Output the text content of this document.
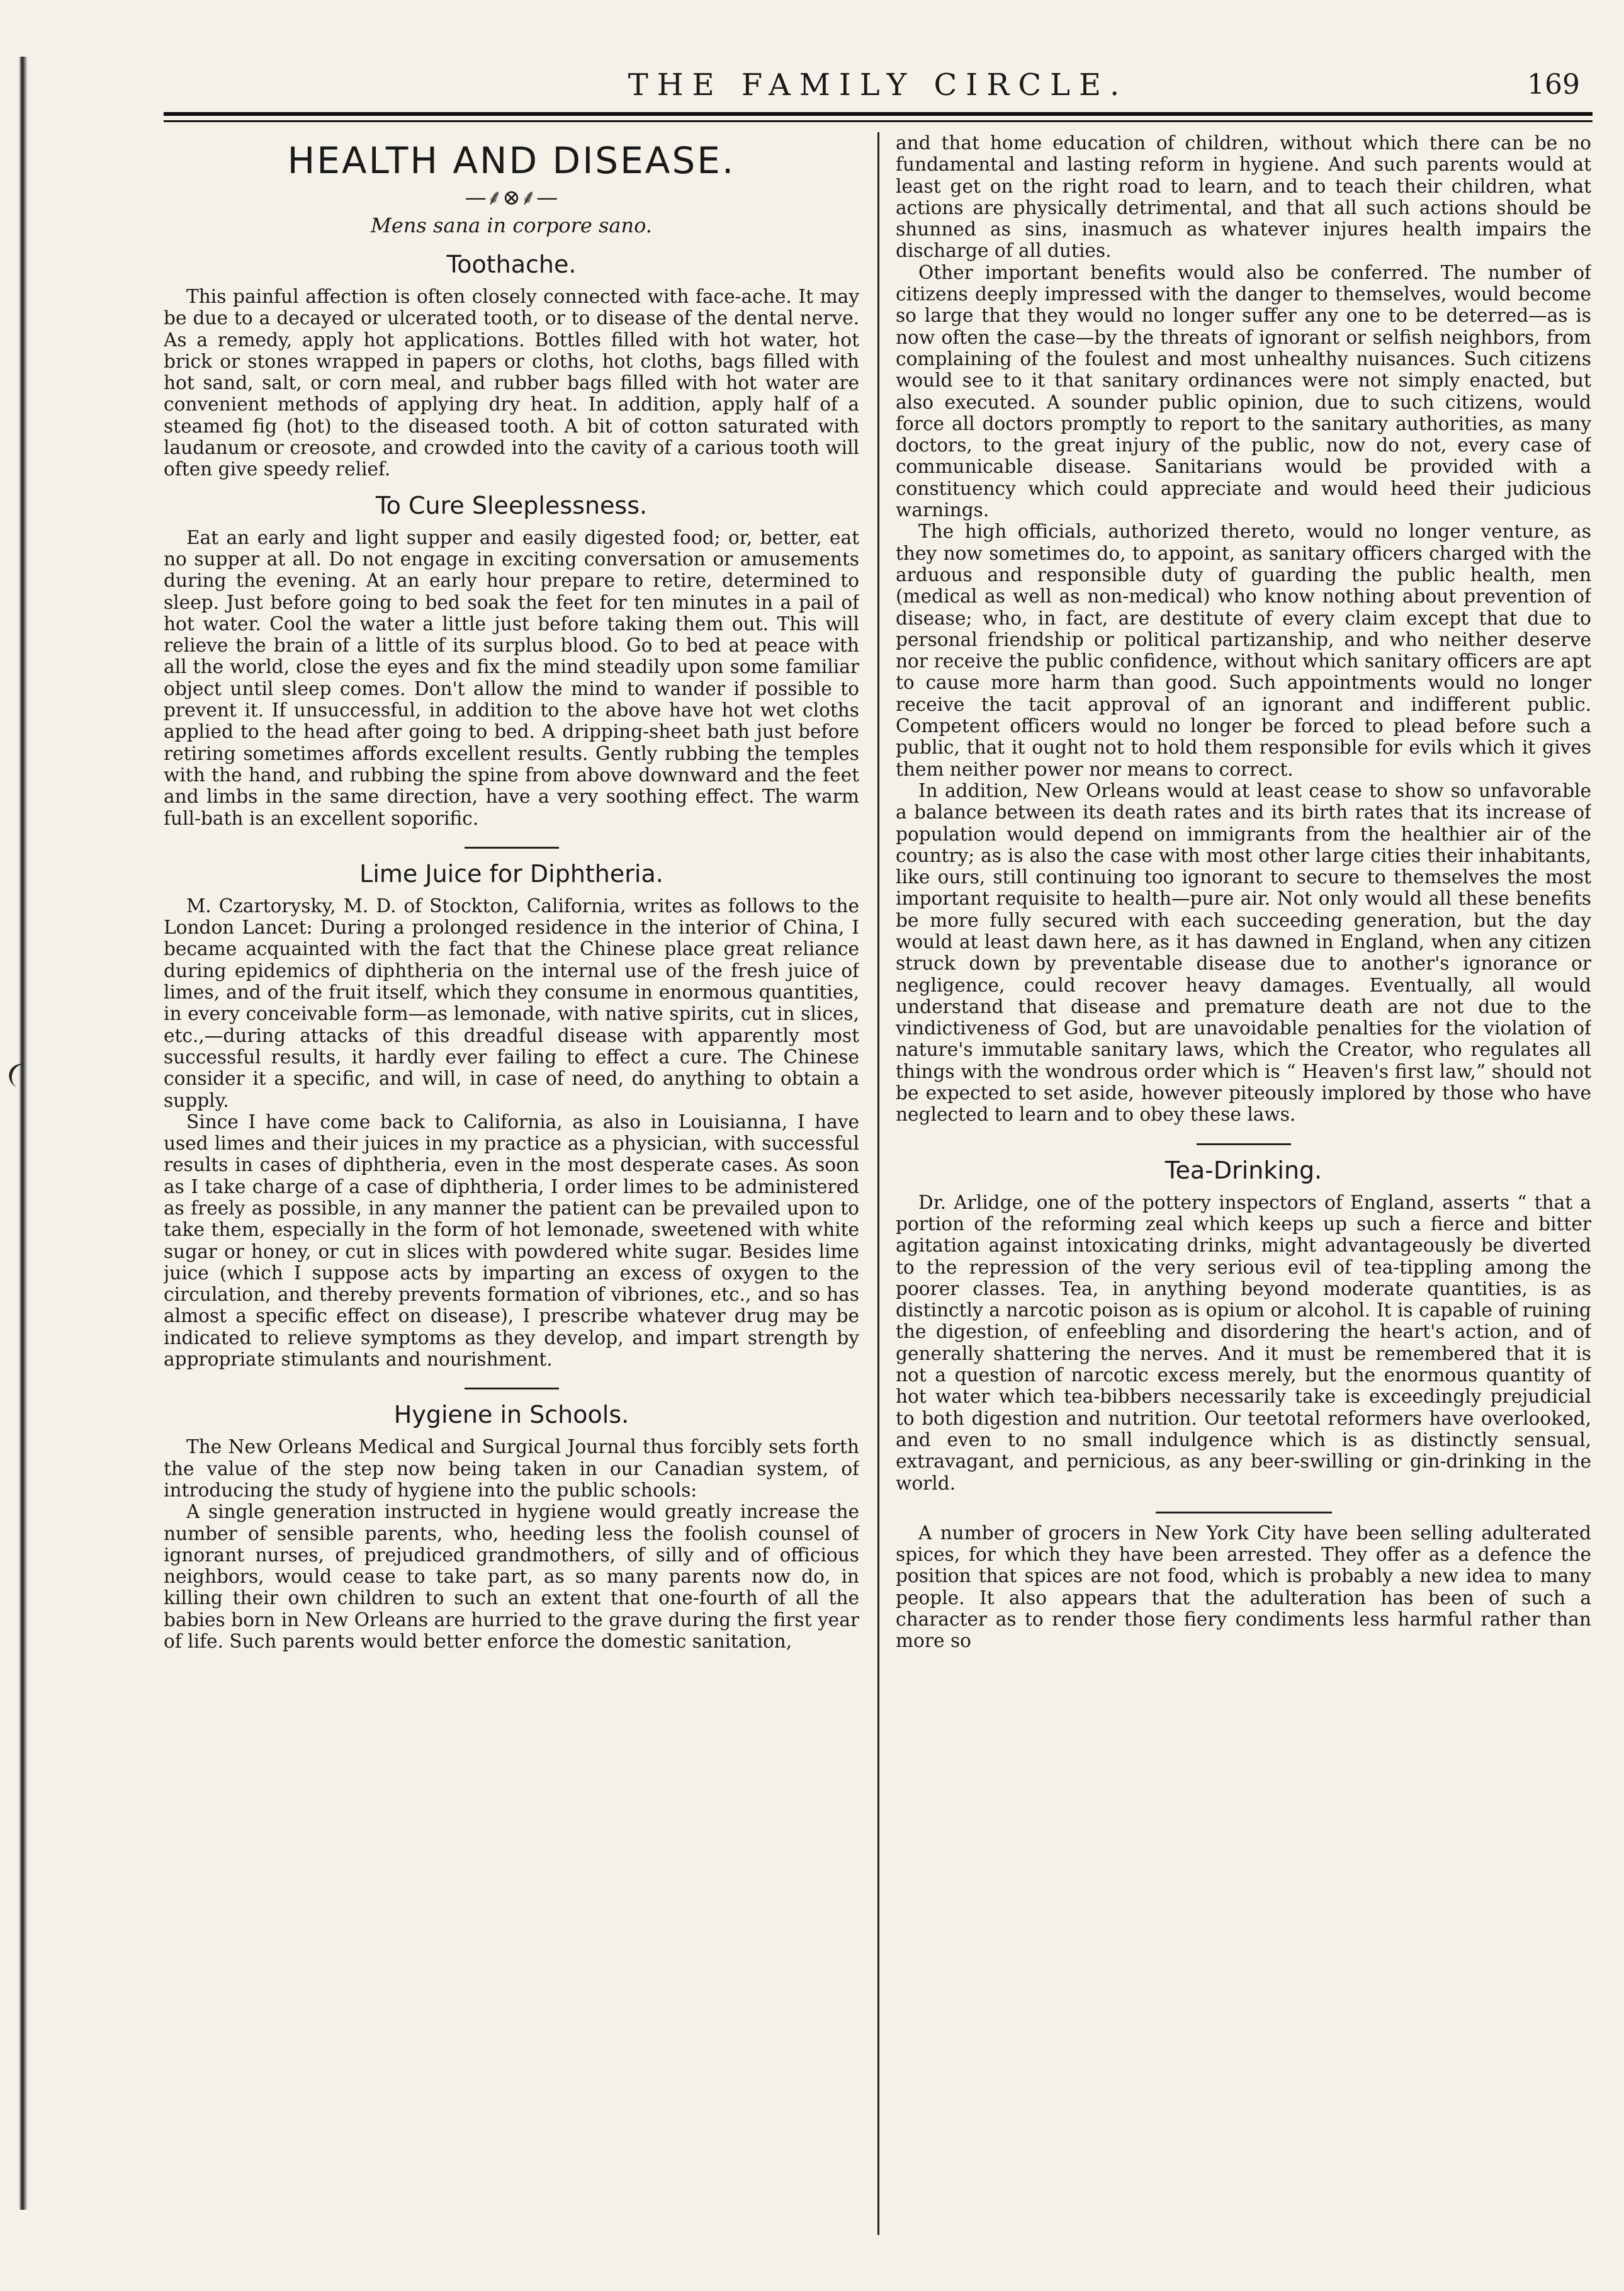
THE FAMILY CIRCLE.	169
HEALTH AND DISEASE.
—⸙⊗⸙—
Mens sana in corpore sano.
Toothache.

This painful affection is often closely connected with face-ache. It may be due to a decayed or ulcerated tooth, or to disease of the dental nerve. As a remedy, apply hot applications. Bottles filled with hot water, hot brick or stones wrapped in papers or cloths, hot cloths, bags filled with hot sand, salt, or corn meal, and rubber bags filled with hot water are convenient methods of applying dry heat. In addition, apply half of a steamed fig (hot) to the diseased tooth. A bit of cotton saturated with laudanum or creosote, and crowded into the cavity of a carious tooth will often give speedy relief.

To Cure Sleeplessness.

Eat an early and light supper and easily digested food; or, better, eat no supper at all. Do not engage in exciting conversation or amusements during the evening. At an early hour prepare to retire, determined to sleep. Just before going to bed soak the feet for ten minutes in a pail of hot water. Cool the water a little just before taking them out. This will relieve the brain of a little of its surplus blood. Go to bed at peace with all the world, close the eyes and fix the mind steadily upon some familiar object until sleep comes. Don't allow the mind to wander if possible to prevent it. If unsuccessful, in addition to the above have hot wet cloths applied to the head after going to bed. A dripping-sheet bath just before retiring sometimes affords excellent results. Gently rubbing the temples with the hand, and rubbing the spine from above downward and the feet and limbs in the same direction, have a very soothing effect. The warm full-bath is an excellent soporific.

Lime Juice for Diphtheria.

M. Czartorysky, M. D. of Stockton, California, writes as follows to the London Lancet: During a prolonged residence in the interior of China, I became acquainted with the fact that the Chinese place great reliance during epidemics of diphtheria on the internal use of the fresh juice of limes, and of the fruit itself, which they consume in enormous quantities, in every conceivable form—as lemonade, with native spirits, cut in slices, etc.,—during attacks of this dreadful disease with apparently most successful results, it hardly ever failing to effect a cure. The Chinese consider it a specific, and will, in case of need, do anything to obtain a supply.

Since I have come back to California, as also in Louisianna, I have used limes and their juices in my practice as a physician, with successful results in cases of diphtheria, even in the most desperate cases. As soon as I take charge of a case of diphtheria, I order limes to be administered as freely as possible, in any manner the patient can be prevailed upon to take them, especially in the form of hot lemonade, sweetened with white sugar or honey, or cut in slices with powdered white sugar. Besides lime juice (which I suppose acts by imparting an excess of oxygen to the circulation, and thereby prevents formation of vibriones, etc., and so has almost a specific effect on disease), I prescribe whatever drug may be indicated to relieve symptoms as they develop, and impart strength by appropriate stimulants and nourishment.

Hygiene in Schools.

The New Orleans Medical and Surgical Journal thus forcibly sets forth the value of the step now being taken in our Canadian system, of introducing the study of hygiene into the public schools:

A single generation instructed in hygiene would greatly increase the number of sensible parents, who, heeding less the foolish counsel of ignorant nurses, of prejudiced grandmothers, of silly and of officious neighbors, would cease to take part, as so many parents now do, in killing their own children to such an extent that one-fourth of all the babies born in New Orleans are hurried to the grave during the first year of life. Such parents would better enforce the domestic sanitation,

and that home education of children, without which there can be no fundamental and lasting reform in hygiene. And such parents would at least get on the right road to learn, and to teach their children, what actions are physically detrimental, and that all such actions should be shunned as sins, inasmuch as whatever injures health impairs the discharge of all duties.

Other important benefits would also be conferred. The number of citizens deeply impressed with the danger to themselves, would become so large that they would no longer suffer any one to be deterred—as is now often the case—by the threats of ignorant or selfish neighbors, from complaining of the foulest and most unhealthy nuisances. Such citizens would see to it that sanitary ordinances were not simply enacted, but also executed. A sounder public opinion, due to such citizens, would force all doctors promptly to report to the sanitary authorities, as many doctors, to the great injury of the public, now do not, every case of communicable disease. Sanitarians would be provided with a constituency which could appreciate and would heed their judicious warnings.

The high officials, authorized thereto, would no longer venture, as they now sometimes do, to appoint, as sanitary officers charged with the arduous and responsible duty of guarding the public health, men (medical as well as non-medical) who know nothing about prevention of disease; who, in fact, are destitute of every claim except that due to personal friendship or political partizanship, and who neither deserve nor receive the public confidence, without which sanitary officers are apt to cause more harm than good. Such appointments would no longer receive the tacit approval of an ignorant and indifferent public. Competent officers would no longer be forced to plead before such a public, that it ought not to hold them responsible for evils which it gives them neither power nor means to correct.

In addition, New Orleans would at least cease to show so unfavorable a balance between its death rates and its birth rates that its increase of population would depend on immigrants from the healthier air of the country; as is also the case with most other large cities their inhabitants, like ours, still continuing too ignorant to secure to themselves the most important requisite to health—pure air. Not only would all these benefits be more fully secured with each succeeding generation, but the day would at least dawn here, as it has dawned in England, when any citizen struck down by preventable disease due to another's ignorance or negligence, could recover heavy damages. Eventually, all would understand that disease and premature death are not due to the vindictiveness of God, but are unavoidable penalties for the violation of nature's immutable sanitary laws, which the Creator, who regulates all things with the wondrous order which is “ Heaven's first law,” should not be expected to set aside, however piteously implored by those who have neglected to learn and to obey these laws.

Tea-Drinking.

Dr. Arlidge, one of the pottery inspectors of England, asserts “ that a portion of the reforming zeal which keeps up such a fierce and bitter agitation against intoxicating drinks, might advantageously be diverted to the repression of the very serious evil of tea-tippling among the poorer classes. Tea, in anything beyond moderate quantities, is as distinctly a narcotic poison as is opium or alcohol. It is capable of ruining the digestion, of enfeebling and disordering the heart's action, and of generally shattering the nerves. And it must be remembered that it is not a question of narcotic excess merely, but the enormous quantity of hot water which tea-bibbers necessarily take is exceedingly prejudicial to both digestion and nutrition. Our teetotal reformers have overlooked, and even to no small indulgence which is as distinctly sensual, extravagant, and pernicious, as any beer-swilling or gin-drinking in the world.

A number of grocers in New York City have been selling adulterated spices, for which they have been arrested. They offer as a defence the position that spices are not food, which is probably a new idea to many people. It also appears that the adulteration has been of such a character as to render those fiery condiments less harmful rather than more so
